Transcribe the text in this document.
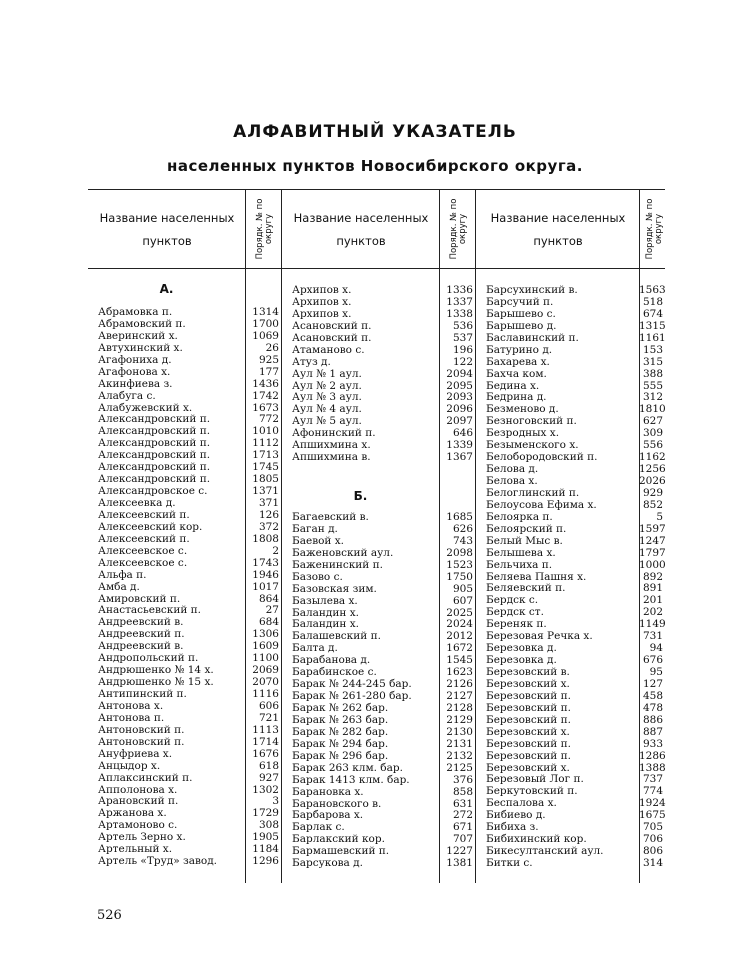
АЛФАВИТНЫЙ УКАЗАТЕЛЬ
населенных пунктов Новосибирского округа.
Название населенных пунктов	Порядк. № по округу	Название населенных пунктов	Порядк. № по округу	Название населенных пунктов	Порядк. № по округу
А.
Абрамовка п.	1314
Абрамовский п.	1700
Аверинский х.	1069
Автухинский х.	26
Агафониха д.	925
Агафонова х.	177
Акинфиева з.	1436
Алабуга с.	1742
Алабужевский х.	1673
Александровский п.	772
Александровский п.	1010
Александровский п.	1112
Александровский п.	1713
Александровский п.	1745
Александровский п.	1805
Александровское с.	1371
Алексеевка д.	371
Алексеевский п.	126
Алексеевский кор.	372
Алексеевский п.	1808
Алексеевское с.	2
Алексеевское с.	1743
Альфа п.	1946
Амба д.	1017
Амировский п.	864
Анастасьевский п.	27
Андреевский в.	684
Андреевский п.	1306
Андреевский в.	1609
Андропольский п.	1100
Андрюшенко № 14 х.	2069
Андрюшенко № 15 х.	2070
Антипинский п.	1116
Антонова х.	606
Антонова п.	721
Антоновский п.	1113
Антоновский п.	1714
Ануфриева х.	1676
Анцыдор х.	618
Аплаксинский п.	927
Апполонова х.	1302
Арановский п.	3
Аржанова х.	1729
Артамоново с.	308
Артель Зерно х.	1905
Артельный х.	1184
Артель «Труд» завод.	1296
Архипов х.	1336
Архипов х.	1337
Архипов х.	1338
Асановский п.	536
Асановский п.	537
Атаманово с.	196
Атуз д.	122
Аул № 1 аул.	2094
Аул № 2 аул.	2095
Аул № 3 аул.	2093
Аул № 4 аул.	2096
Аул № 5 аул.	2097
Афонинский п.	646
Апшихмина х.	1339
Апшихмина в.	1367
Б.
Багаевский в.	1685
Баган д.	626
Баевой х.	743
Баженовский аул.	2098
Баженинский п.	1523
Базово с.	1750
Базовская зим.	905
Базылева х.	607
Баландин х.	2025
Баландин х.	2024
Балашевский п.	2012
Балта д.	1672
Барабанова д.	1545
Барабинское с.	1623
Барак № 244-245 бар.	2126
Барак № 261-280 бар.	2127
Барак № 262 бар.	2128
Барак № 263 бар.	2129
Барак № 282 бар.	2130
Барак № 294 бар.	2131
Барак № 296 бар.	2132
Барак 263 клм. бар.	2125
Барак 1413 клм. бар.	376
Барановка х.	858
Барановского в.	631
Барбарова х.	272
Барлак с.	671
Барлакский кор.	707
Бармашевский п.	1227
Барсукова д.	1381
Барсухинский в.	1563
Барсучий п.	518
Барышево с.	674
Барышево д.	1315
Баславинский п.	1161
Батурино д.	153
Бахарева х.	315
Бахча ком.	388
Бедина х.	555
Бедрина д.	312
Безменово д.	1810
Безноговский п.	627
Безродных х.	309
Безыменского х.	556
Белобородовский п.	1162
Белова д.	1256
Белова х.	2026
Белоглинский п.	929
Белоусова Ефима х.	852
Белоярка п.	5
Белоярский п.	1597
Белый Мыс в.	1247
Белышева х.	1797
Бельчиха п.	1000
Беляева Пашня х.	892
Беляевский п.	891
Бердск с.	201
Бердск ст.	202
Береняк п.	1149
Березовая Речка х.	731
Березовка д.	94
Березовка д.	676
Березовский в.	95
Березовский х.	127
Березовский п.	458
Березовский п.	478
Березовский п.	886
Березовский х.	887
Березовский п.	933
Березовский п.	1286
Березовский х.	1388
Березовый Лог п.	737
Беркутовский п.	774
Беспалова х.	1924
Бибиево д.	1675
Бибиха з.	705
Бибихинский кор.	706
Бикесултанский аул.	806
Битки с.	314
526
